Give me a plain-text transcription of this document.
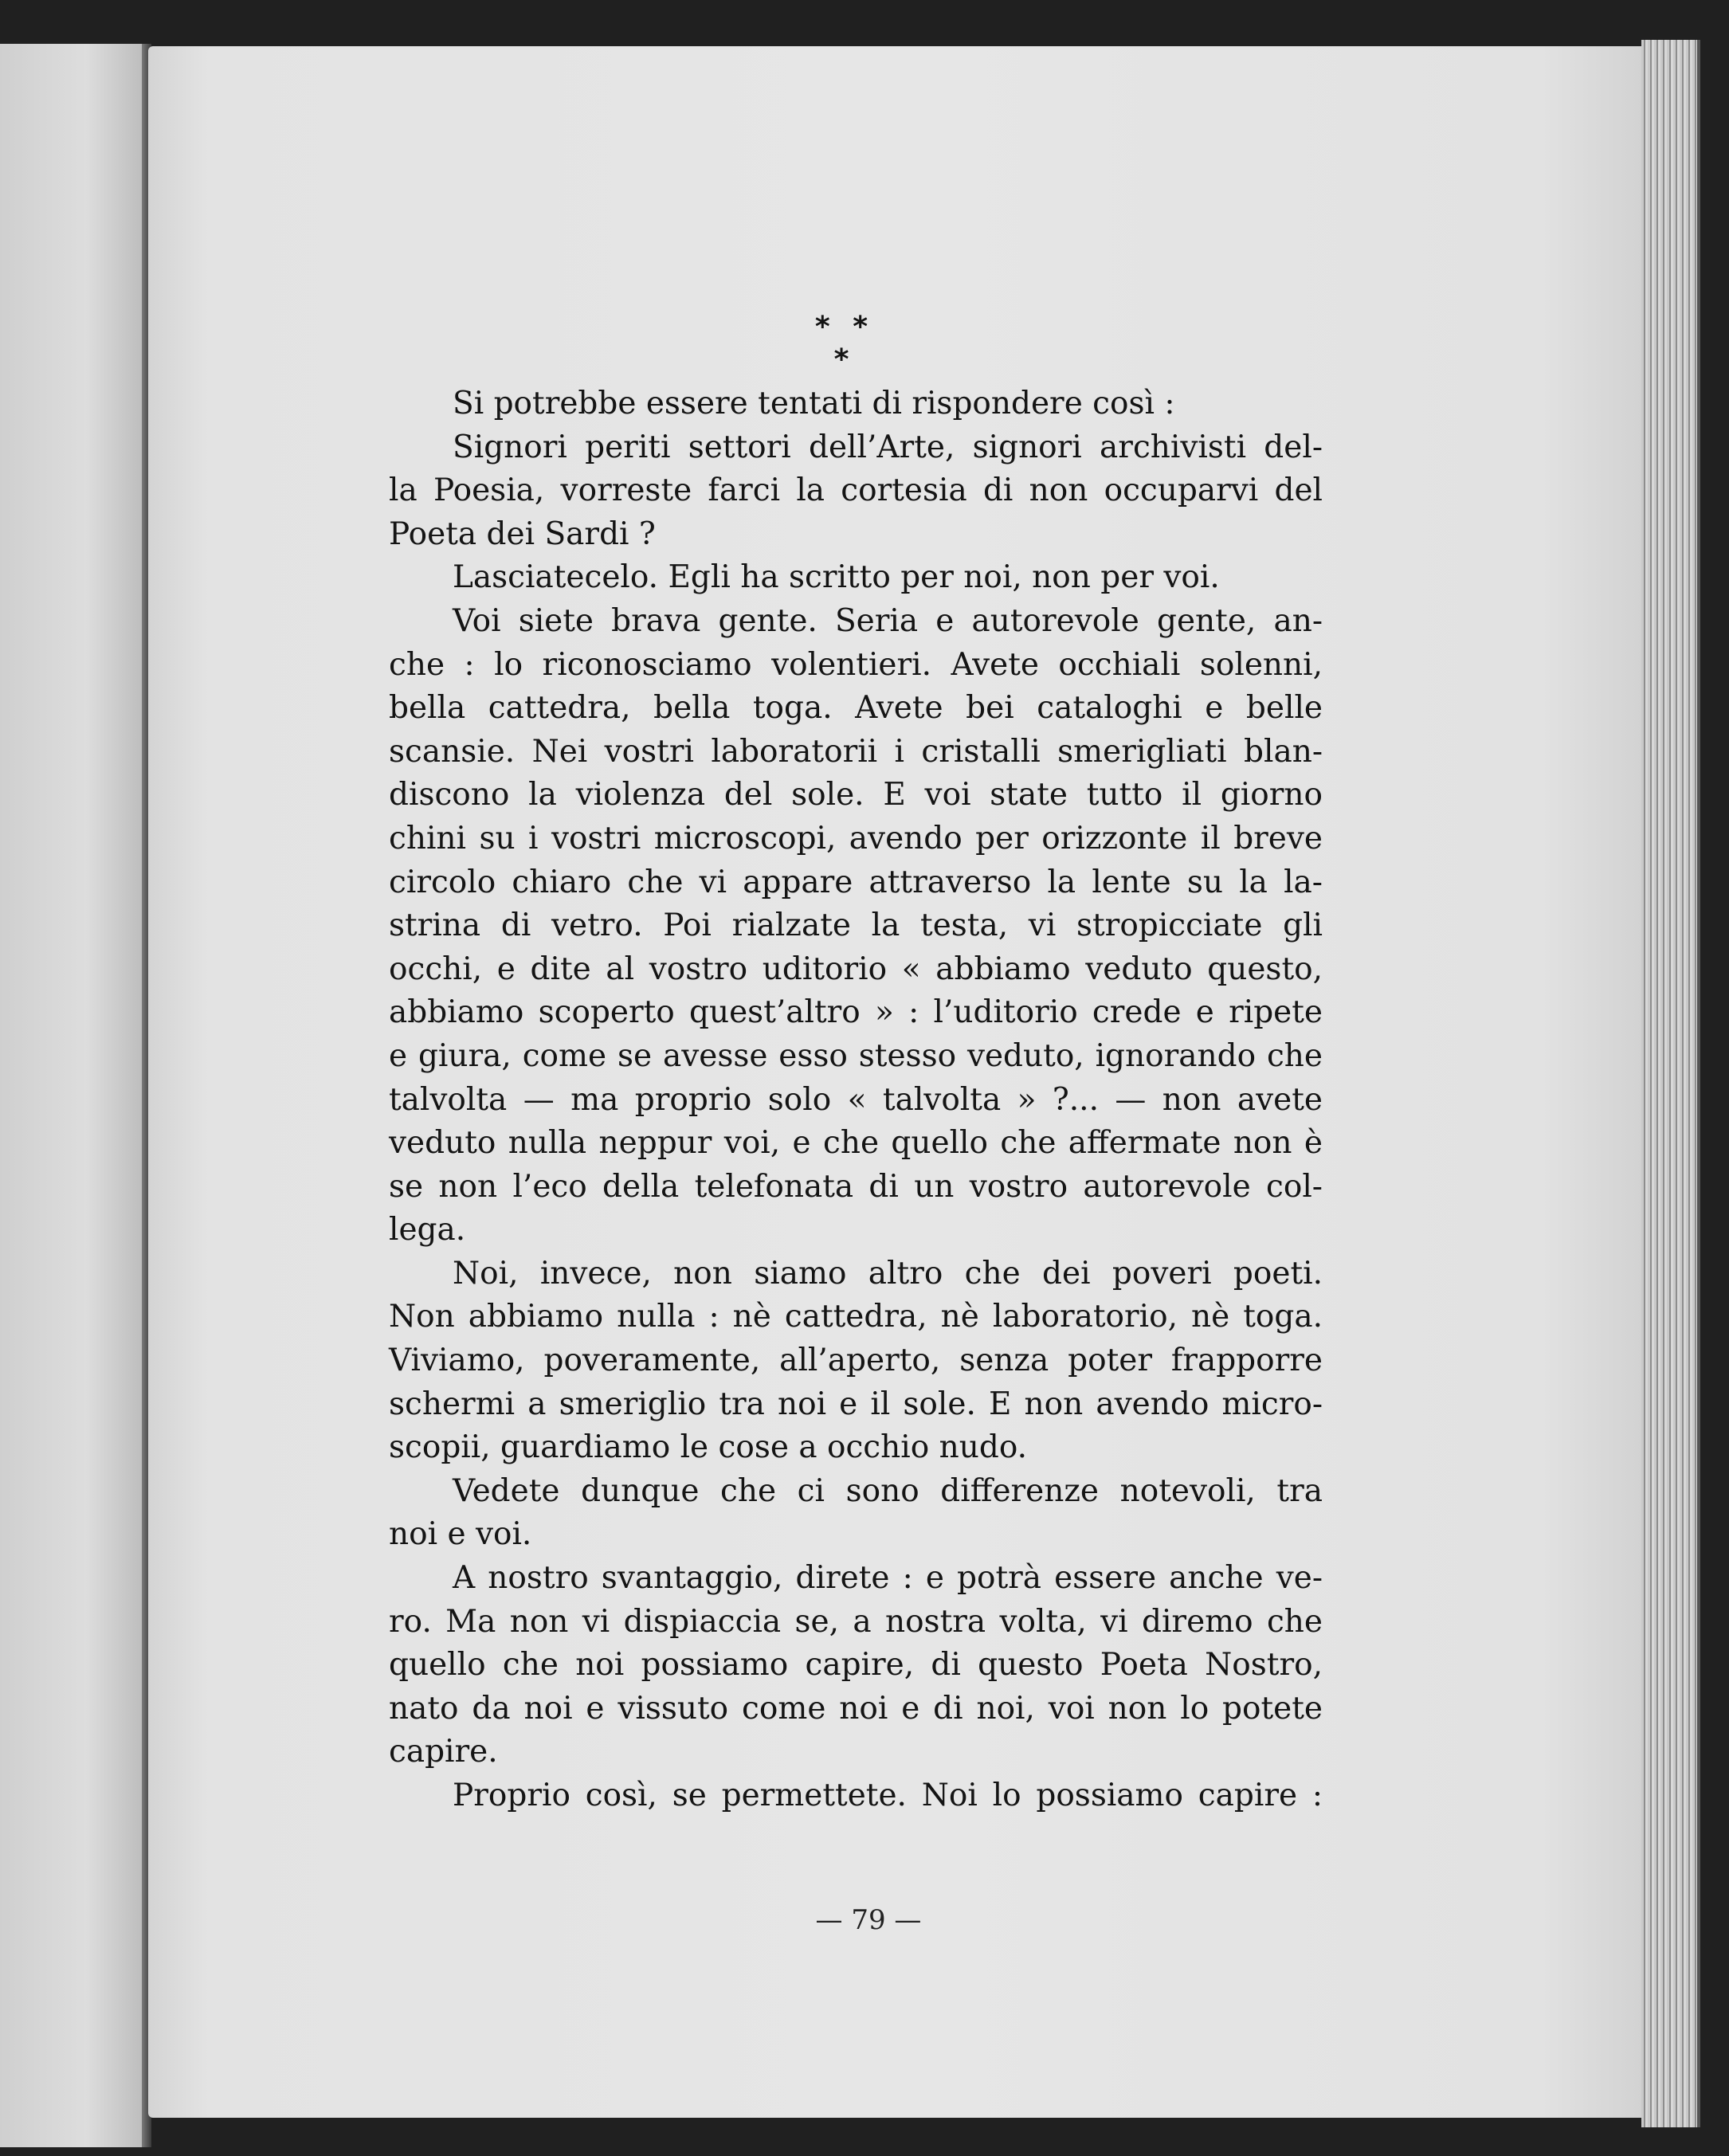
* * *

Si potrebbe essere tentati di rispondere così :

Signori periti settori dell’Arte, signori archivisti del-
la Poesia, vorreste farci la cortesia di non occuparvi del
Poeta dei Sardi ?

Lasciatecelo. Egli ha scritto per noi, non per voi.

Voi siete brava gente. Seria e autorevole gente, an-
che : lo riconosciamo volentieri. Avete occhiali solenni,
bella cattedra, bella toga. Avete bei cataloghi e belle
scansie. Nei vostri laboratorii i cristalli smerigliati blan-
discono la violenza del sole. E voi state tutto il giorno
chini su i vostri microscopi, avendo per orizzonte il breve
circolo chiaro che vi appare attraverso la lente su la la-
strina di vetro. Poi rialzate la testa, vi stropicciate gli
occhi, e dite al vostro uditorio « abbiamo veduto questo,
abbiamo scoperto quest’altro » : l’uditorio crede e ripete
e giura, come se avesse esso stesso veduto, ignorando che
talvolta — ma proprio solo « talvolta » ?... — non avete
veduto nulla neppur voi, e che quello che affermate non è
se non l’eco della telefonata di un vostro autorevole col-
lega.

Noi, invece, non siamo altro che dei poveri poeti.
Non abbiamo nulla : nè cattedra, nè laboratorio, nè toga.
Viviamo, poveramente, all’aperto, senza poter frapporre
schermi a smeriglio tra noi e il sole. E non avendo micro-
scopii, guardiamo le cose a occhio nudo.

Vedete dunque che ci sono differenze notevoli, tra
noi e voi.

A nostro svantaggio, direte : e potrà essere anche ve-
ro. Ma non vi dispiaccia se, a nostra volta, vi diremo che
quello che noi possiamo capire, di questo Poeta Nostro,
nato da noi e vissuto come noi e di noi, voi non lo potete
capire.

Proprio così, se permettete. Noi lo possiamo capire :

— 79 —
